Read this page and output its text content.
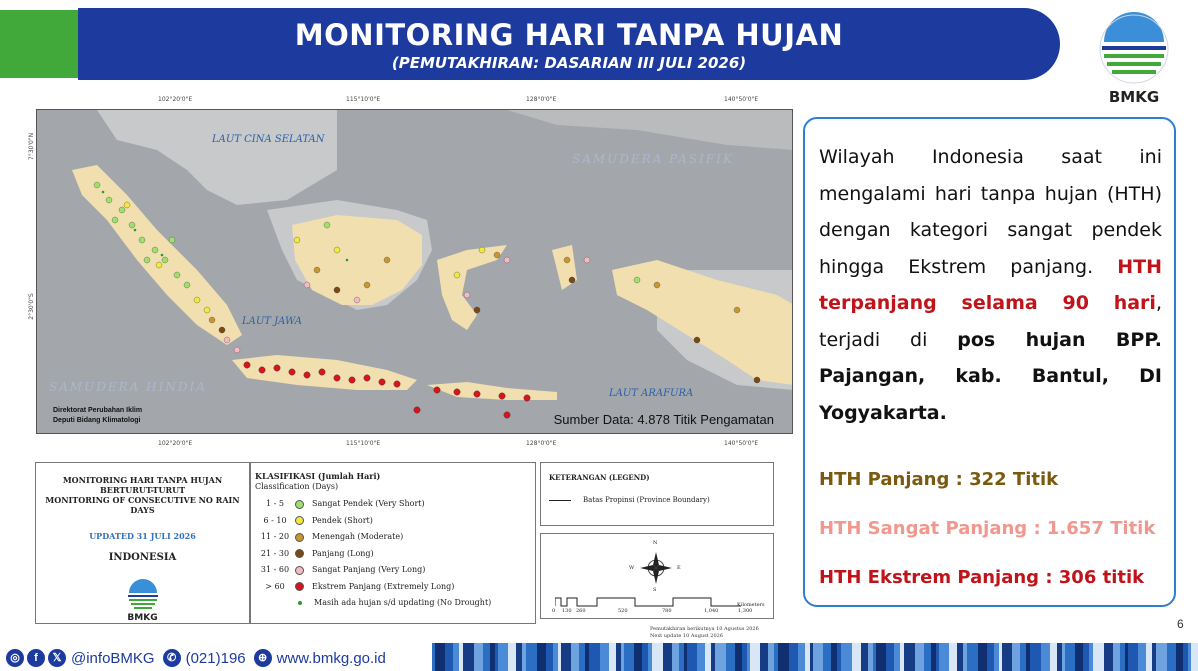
MONITORING HARI TANPA HUJAN
(PEMUTAKHIRAN: DASARIAN III JULI 2026)
BMKG
102°20'0"E	115°10'0"E	128°0'0"E	140°50'0"E
102°20'0"E	115°10'0"E	128°0'0"E	140°50'0"E
7°30'0"N
2°30'0"S
LAUT CINA SELATAN
SAMUDERA PASIFIK
LAUT JAWA
SAMUDERA HINDIA	LAUT ARAFURA
Direktorat Perubahan Iklim
Deputi Bidang Klimatologi	Sumber Data: 4.878 Titik Pengamatan
MONITORING HARI TANPA HUJAN
BERTURUT-TURUT
MONITORING OF CONSECUTIVE NO RAIN DAYS
UPDATED 31 JULI 2026
INDONESIA
BMKG
KLASIFIKASI (Jumlah Hari)
Classification (Days)
1 - 5	Sangat Pendek (Very Short)
6 - 10	Pendek (Short)
11 - 20	Menengah (Moderate)
21 - 30	Panjang (Long)
31 - 60	Sangat Panjang (Very Long)
> 60	Ekstrem Panjang (Extremely Long)
Masih ada hujan s/d updating (No Drought)
KETERANGAN (LEGEND)
Batas Propinsi (Province Boundary)
N
S
W	E
0 130 260	520	780	1,040	1,300
Kilometers
Pemutakhiran berikutnya 10 Agustus 2026
Next update 10 August 2026
Wilayah Indonesia saat ini mengalami hari tanpa hujan (HTH) dengan kategori sangat pendek hingga Ekstrem panjang. HTH terpanjang selama 90 hari, terjadi di pos hujan BPP. Pajangan, kab. Bantul, DI Yogyakarta.
HTH Panjang : 322 Titik
HTH Sangat Panjang : 1.657 Titik
HTH Ekstrem Panjang : 306 titik
6
◎	f	𝕏 @infoBMKG	✆ (021)196	⊕ www.bmkg.go.id
